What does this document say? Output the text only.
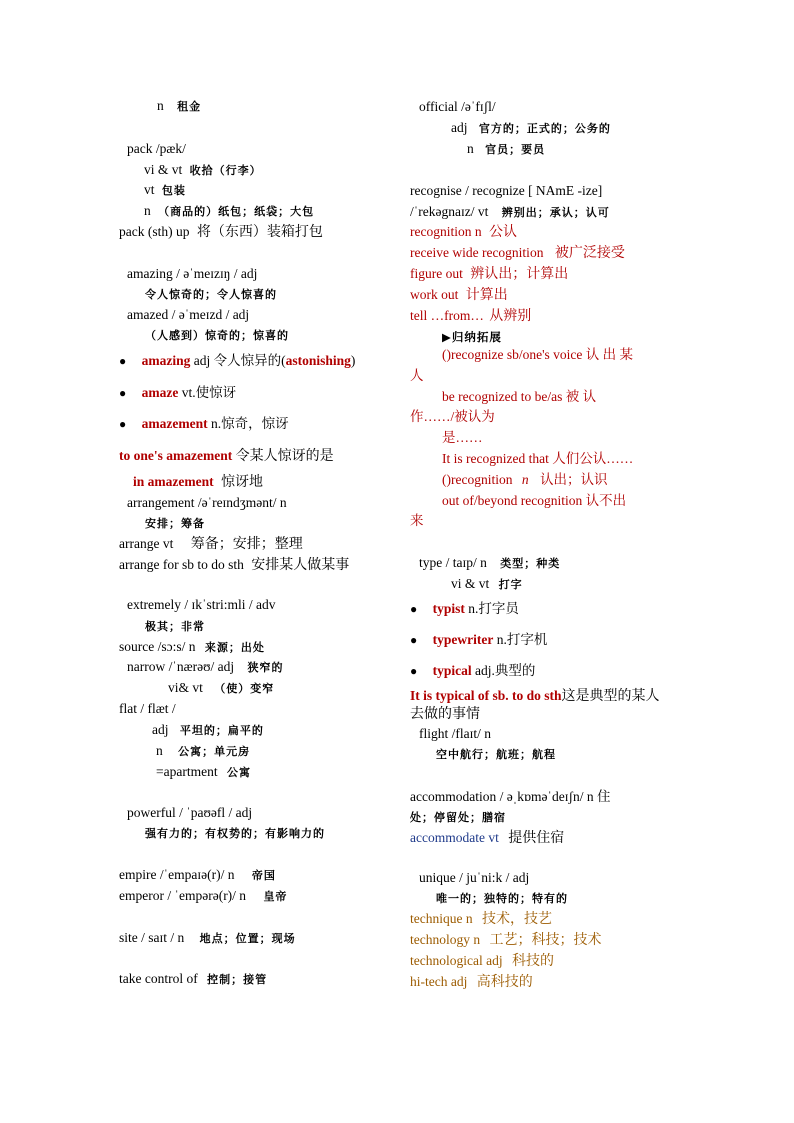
n 租金
pack /pæk/
vi & vt 收拾（行李）
vt 包装
n （商品的）纸包；纸袋；大包
pack (sth) up 将（东西）装箱打包
amazing / əˈmeɪzɪŋ / adj
令人惊奇的；令人惊喜的
amazed / əˈmeɪzd / adj
（人感到）惊奇的；惊喜的
● amazing adj 令人惊异的(astonishing)
● amaze vt.使惊讶
● amazement n.惊奇，惊讶
to one's amazement 令某人惊讶的是
in amazement 惊讶地
arrangement /əˈreɪndʒmənt/ n
安排；筹备
arrange vt 筹备；安排；整理
arrange for sb to do sth 安排某人做某事
extremely / ɪkˈstri:mli / adv
极其；非常
source /sɔ:s/ n 来源；出处
narrow /ˈnærəʊ/ adj 狭窄的
vi& vt （使）变窄
flat / flæt /
adj 平坦的；扁平的
n 公寓；单元房
=apartment 公寓
powerful / ˈpaʊəfl / adj
强有力的；有权势的；有影响力的
empire /ˈempaɪə(r)/ n 帝国
emperor / ˈempərə(r)/ n 皇帝
site / saɪt / n 地点；位置；现场
take control of 控制；接管
official /əˈfɪʃl/
adj 官方的；正式的；公务的
n 官员；要员
recognise / recognize [ NAmE -ize]
/ˈrekəgnaɪz/ vt 辨别出；承认；认可
recognition n 公认
receive wide recognition 被广泛接受
figure out 辨认出；计算出
work out 计算出
tell …from… 从辨别
▶归纳拓展
()recognize sb/one's voice 认 出 某
人
be recognized to be/as 被 认
作……/被认为
是……
It is recognized that 人们公认……
()recognition n 认出；认识
out of/beyond recognition 认不出
来
type / taɪp/ n 类型；种类
vi & vt 打字
● typist n.打字员
● typewriter n.打字机
● typical adj.典型的
It is typical of sb. to do sth这是典型的某人
去做的事情
flight /flaɪt/ n
空中航行；航班；航程
accommodation / əˌkɒməˈdeɪʃn/ n 住
处；停留处；膳宿
accommodate vt 提供住宿
unique / juˈni:k / adj
唯一的；独特的；特有的
technique n 技术，技艺
technology n 工艺；科技；技术
technological adj 科技的
hi-tech adj 高科技的
